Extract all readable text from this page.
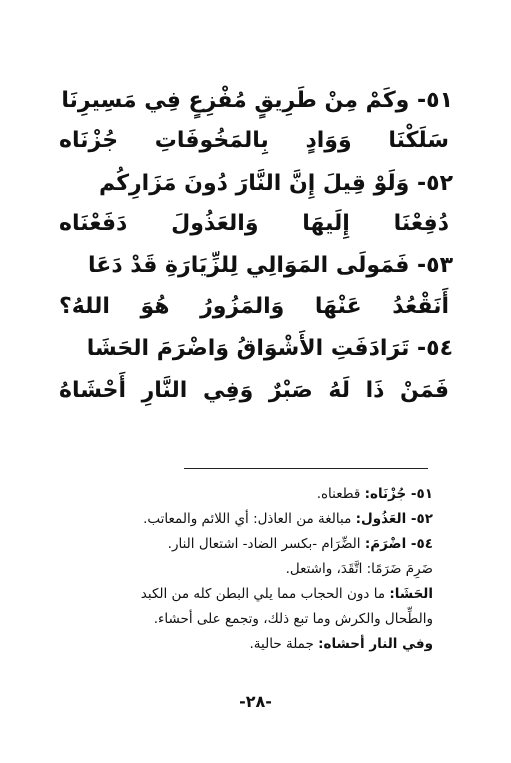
٥١- وكَمْ مِنْ طَرِيقٍ مُفْزِعٍ فِي مَسِيرِنَا
سَلَكْنَا وَوَادٍ بِالمَخُوفَاتِ جُزْنَاه
٥٢- وَلَوْ قِيلَ إِنَّ النَّارَ دُونَ مَزَارِكُم
دُفِعْنَا إِلَيهَا وَالعَذُولَ دَفَعْنَاه
٥٣- فَمَولَى المَوَالِي لِلزِّيَارَةِ قَدْ دَعَا
أَنَقْعُدُ عَنْهَا وَالمَزُورُ هُوَ اللهُ؟
٥٤- تَرَادَفَتِ الأَشْوَاقُ وَاضْرَمَ الحَشَا
فَمَنْ ذَا لَهُ صَبْرٌ وَفِي النَّارِ أَحْشَاهُ
٥١- جُزْنَاه: قطعناه.
٥٢- العَذُول: مبالغة من العاذل: أي اللائم والمعاتب.
٥٤- اضْرَمَ: الضِّرَام -بكسر الضاد- اشتعال النار.
ضَرِمَ ضَرَمًا: اتَّقَدَ، واشتعل.
الحَشَا: ما دون الحجاب مما يلي البطن كله من الكبد
والطِّحال والكرش وما تبع ذلك، وتجمع على أحشاء.
وفي النار أحشاه: جملة حالية.
-٢٨-
